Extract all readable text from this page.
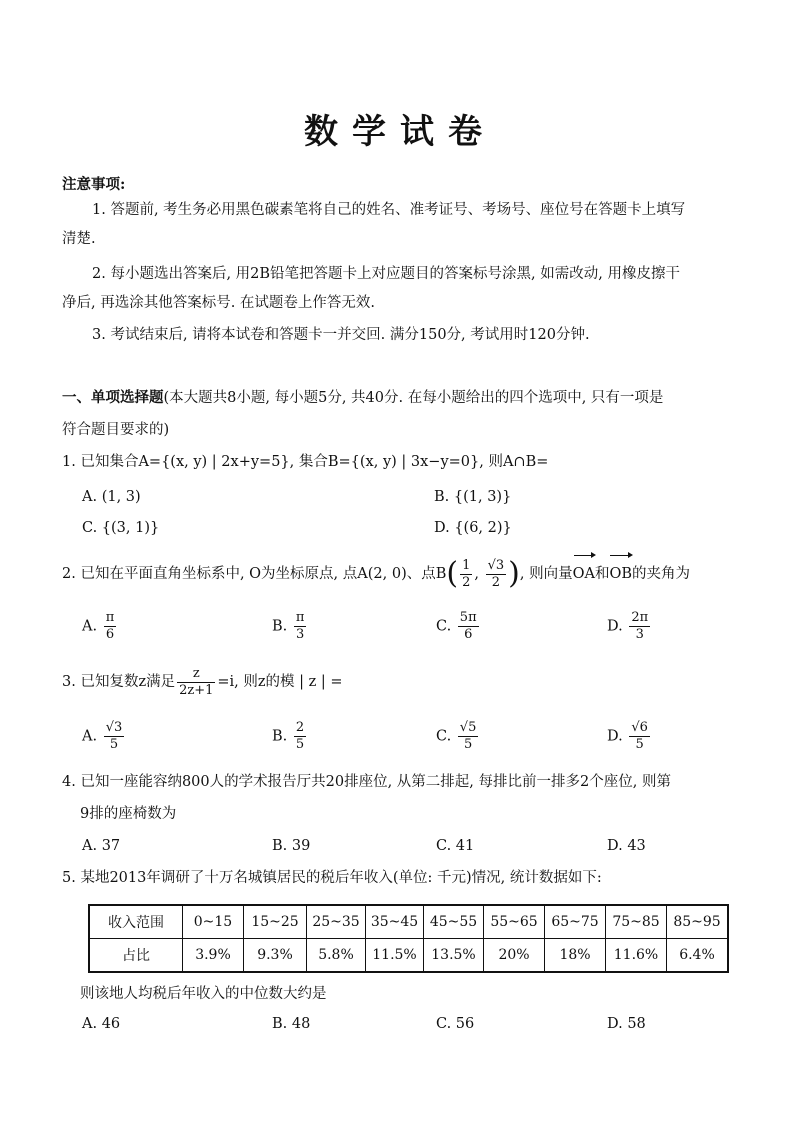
数学试卷
注意事项:
1. 答题前, 考生务必用黑色碳素笔将自己的姓名、准考证号、考场号、座位号在答题卡上填写
清楚.
2. 每小题选出答案后, 用2B铅笔把答题卡上对应题目的答案标号涂黑, 如需改动, 用橡皮擦干
净后, 再选涂其他答案标号. 在试题卷上作答无效.
3. 考试结束后, 请将本试卷和答题卡一并交回. 满分150分, 考试用时120分钟.
一、单项选择题(本大题共8小题, 每小题5分, 共40分. 在每小题给出的四个选项中, 只有一项是
符合题目要求的)
1. 已知集合A={(x, y) | 2x+y=5}, 集合B={(x, y) | 3x−y=0}, 则A∩B=
A. (1, 3)	B. {(1, 3)}
C. {(3, 1)}	D. {(6, 2)}
2. 已知在平面直角坐标系中, O为坐标原点, 点A(2, 0)、点$B( \frac{1}{2}$ , $\frac{√3}{2}$ ), 则向量OA和OB的夹角为
A. $\frac{\pi}{6}$	B. $\frac{\pi}{3}$	C. $\frac{5\pi}{6}$	D. $\frac{2\pi}{3}$
3. 已知复数z满足 $\frac{z}{2z+1} =i$, 则z的模 | z | =
A. $\frac{√3}{5}$	B. $\frac{2}{5}$	C. $\frac{√5}{5}$	D. $\frac{√6}{5}$
4. 已知一座能容纳800人的学术报告厅共20排座位, 从第二排起, 每排比前一排多2个座位, 则第
9排的座椅数为
A. 37	B. 39	C. 41	D. 43
5. 某地2013年调研了十万名城镇居民的税后年收入(单位: 千元)情况, 统计数据如下:
收入范围	0~15	15~25	25~35	35~45	45~55	55~65	65~75	75~85	85~95
占比	3.9%	9.3%	5.8%	11.5%	13.5%	20%	18%	11.6%	6.4%
则该地人均税后年收入的中位数大约是
A. 46	B. 48	C. 56	D. 58
